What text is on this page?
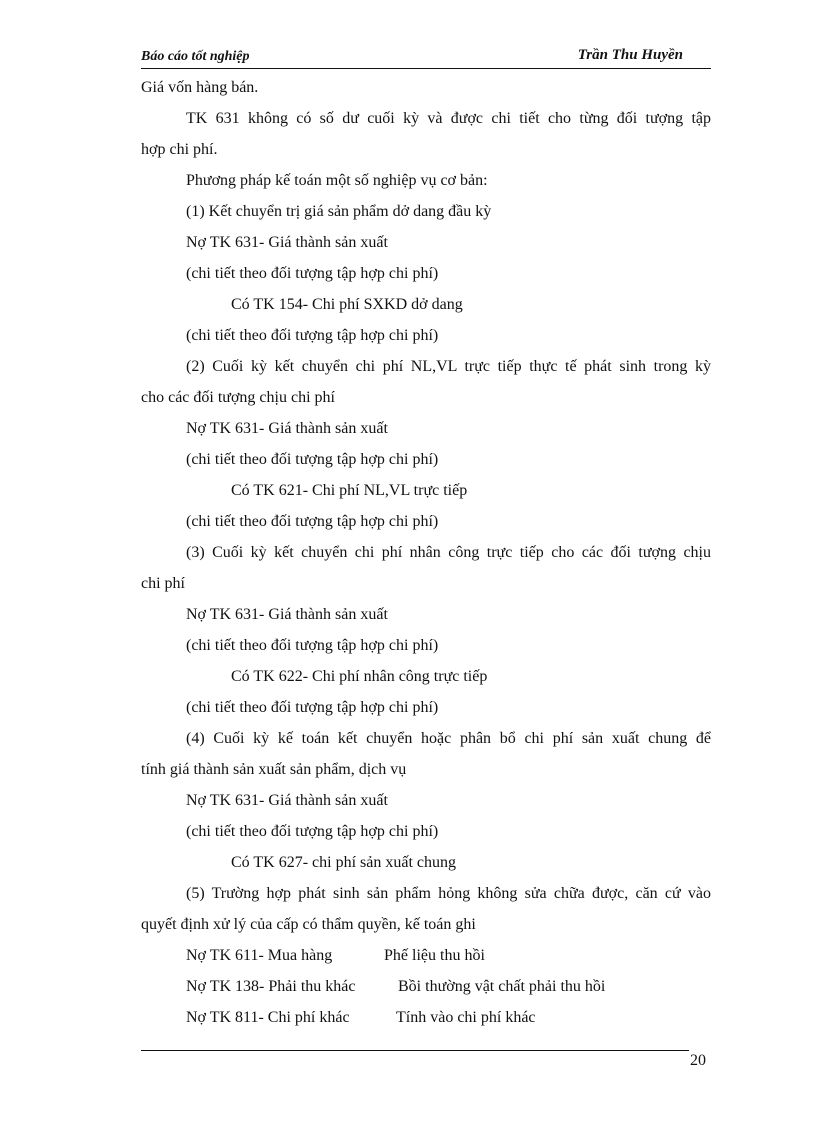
Báo cáo tốt nghiệp	Trần Thu Huyền
Giá vốn hàng bán.
TK 631 không có số dư cuối kỳ và được chi tiết cho từng đối tượng tập
hợp chi phí.
Phương pháp kế toán một số nghiệp vụ cơ bản:
(1) Kết chuyển trị giá sản phẩm dở dang đầu kỳ
Nợ TK 631- Giá thành sản xuất
(chi tiết theo đối tượng tập hợp chi phí)
Có TK 154- Chi phí SXKD dở dang
(chi tiết theo đối tượng tập hợp chi phí)
(2) Cuối kỳ kết chuyển chi phí NL,VL trực tiếp thực tế phát sinh trong kỳ
cho các đối tượng chịu chi phí
Nợ TK 631- Giá thành sản xuất
(chi tiết theo đối tượng tập hợp chi phí)
Có TK 621- Chi phí NL,VL trực tiếp
(chi tiết theo đối tượng tập hợp chi phí)
(3) Cuối kỳ kết chuyển chi phí nhân công trực tiếp cho các đối tượng chịu
chi phí
Nợ TK 631- Giá thành sản xuất
(chi tiết theo đối tượng tập hợp chi phí)
Có TK 622- Chi phí nhân công trực tiếp
(chi tiết theo đối tượng tập hợp chi phí)
(4) Cuối kỳ kế toán kết chuyển hoặc phân bổ chi phí sản xuất chung để
tính giá thành sản xuất sản phẩm, dịch vụ
Nợ TK 631- Giá thành sản xuất
(chi tiết theo đối tượng tập hợp chi phí)
Có TK 627- chi phí sản xuất chung
(5) Trường hợp phát sinh sản phẩm hỏng không sửa chữa được, căn cứ vào
quyết định xử lý của cấp có thẩm quyền, kế toán ghi
Nợ TK 611- Mua hàng	Phế liệu thu hồi
Nợ TK 138- Phải thu khác	Bồi thường vật chất phải thu hồi
Nợ TK 811- Chi phí khác	Tính vào chi phí khác
20
